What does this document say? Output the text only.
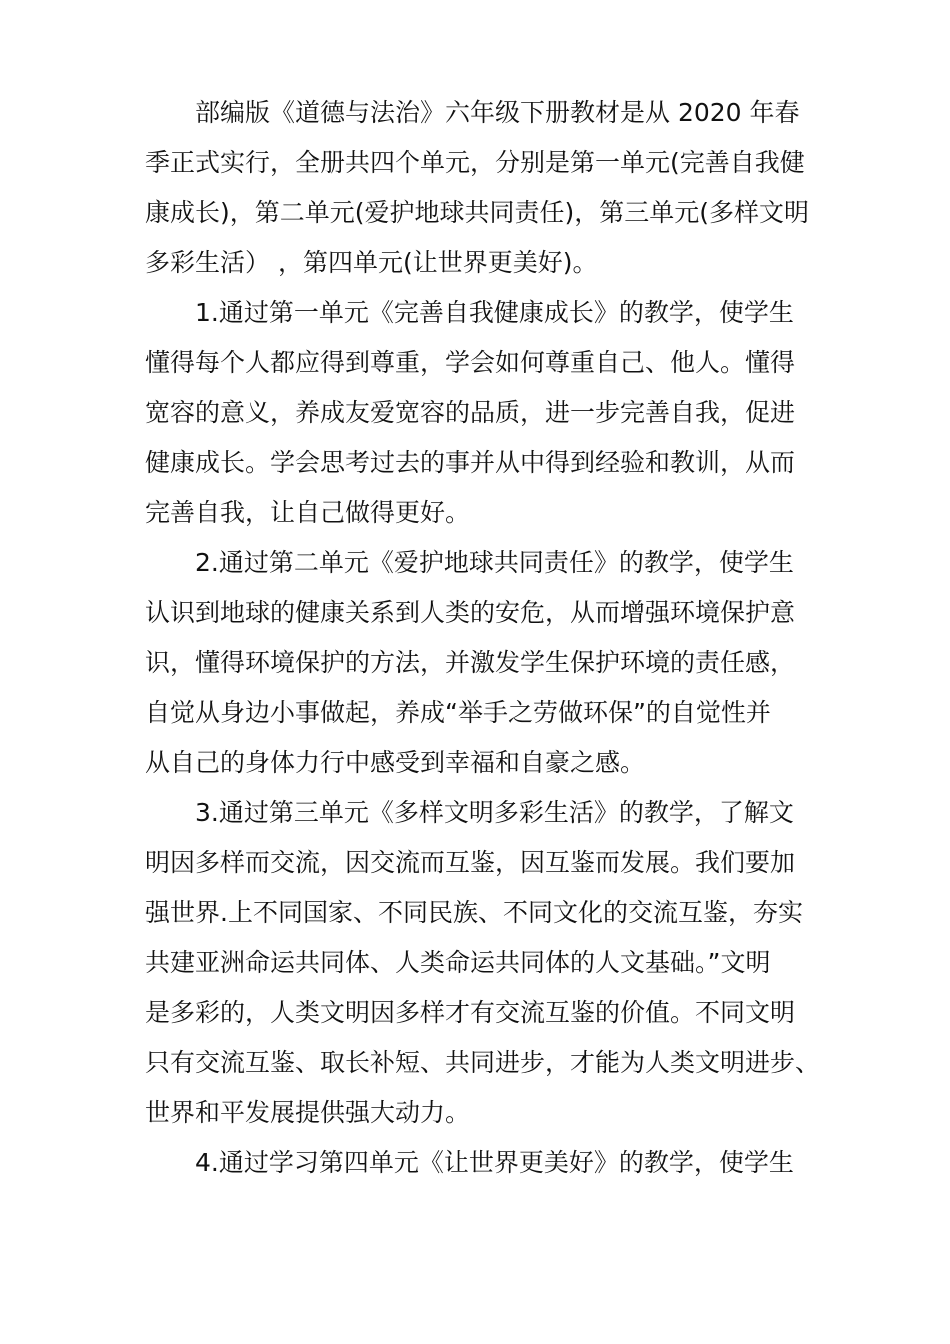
部编版《道德与法治》六年级下册教材是从 2020 年春
季正式实行，全册共四个单元，分别是第一单元(完善自我健
康成长)，第二单元(爱护地球共同责任)，第三单元(多样文明
多彩生活） ，第四单元(让世界更美好)。
1.通过第一单元《完善自我健康成长》的教学，使学生
懂得每个人都应得到尊重，学会如何尊重自己、他人。懂得
宽容的意义，养成友爱宽容的品质，进一步完善自我，促进
健康成长。学会思考过去的事并从中得到经验和教训，从而
完善自我，让自己做得更好。
2.通过第二单元《爱护地球共同责任》的教学，使学生
认识到地球的健康关系到人类的安危，从而增强环境保护意
识，懂得环境保护的方法，并激发学生保护环境的责任感，
自觉从身边小事做起，养成“举手之劳做环保”的自觉性并
从自己的身体力行中感受到幸福和自豪之感。
3.通过第三单元《多样文明多彩生活》的教学，了解文
明因多样而交流，因交流而互鉴，因互鉴而发展。我们要加
强世界.上不同国家、不同民族、不同文化的交流互鉴，夯实
共建亚洲命运共同体、人类命运共同体的人文基础。”文明
是多彩的，人类文明因多样才有交流互鉴的价值。不同文明
只有交流互鉴、取长补短、共同进步，才能为人类文明进步、
世界和平发展提供强大动力。
4.通过学习第四单元《让世界更美好》的教学，使学生
